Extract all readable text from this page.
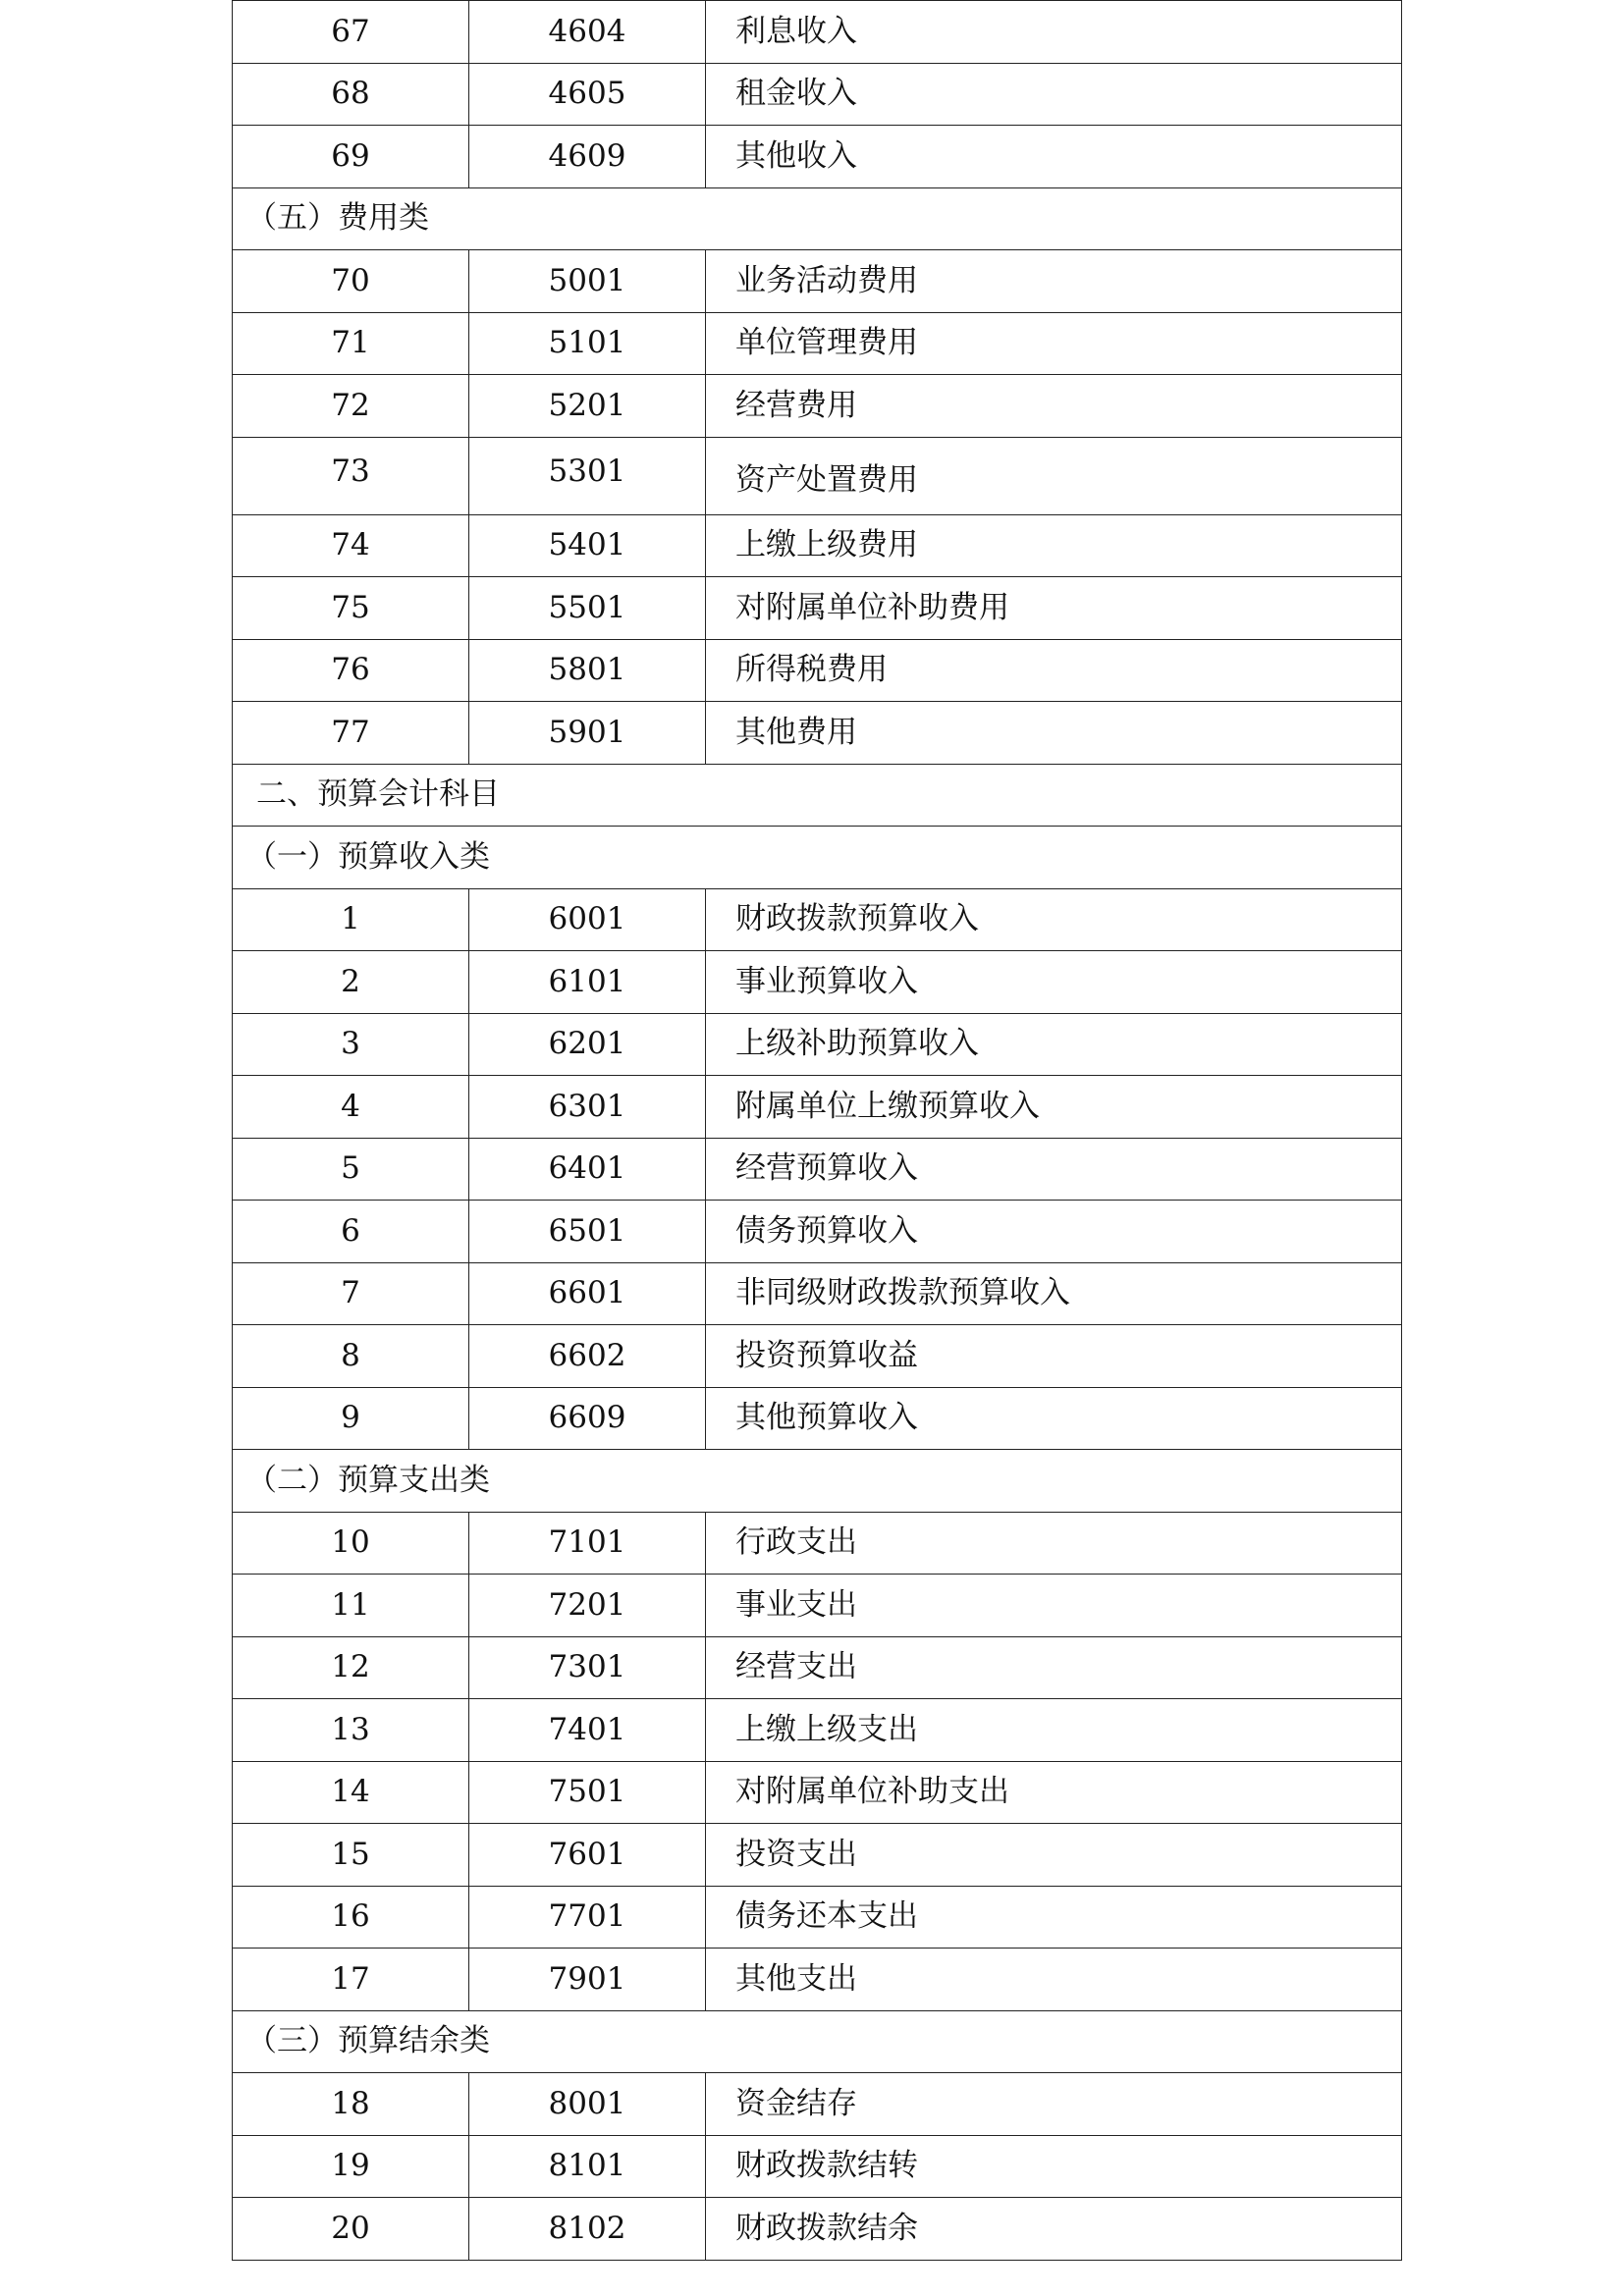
67	4604	利息收入
68	4605	租金收入
69	4609	其他收入
（五）费用类		
70	5001	业务活动费用
71	5101	单位管理费用
72	5201	经营费用
73	5301	资产处置费用
74	5401	上缴上级费用
75	5501	对附属单位补助费用
76	5801	所得税费用
77	5901	其他费用
二、预算会计科目		
（一）预算收入类		
1	6001	财政拨款预算收入
2	6101	事业预算收入
3	6201	上级补助预算收入
4	6301	附属单位上缴预算收入
5	6401	经营预算收入
6	6501	债务预算收入
7	6601	非同级财政拨款预算收入
8	6602	投资预算收益
9	6609	其他预算收入
（二）预算支出类		
10	7101	行政支出
11	7201	事业支出
12	7301	经营支出
13	7401	上缴上级支出
14	7501	对附属单位补助支出
15	7601	投资支出
16	7701	债务还本支出
17	7901	其他支出
（三）预算结余类		
18	8001	资金结存
19	8101	财政拨款结转
20	8102	财政拨款结余
